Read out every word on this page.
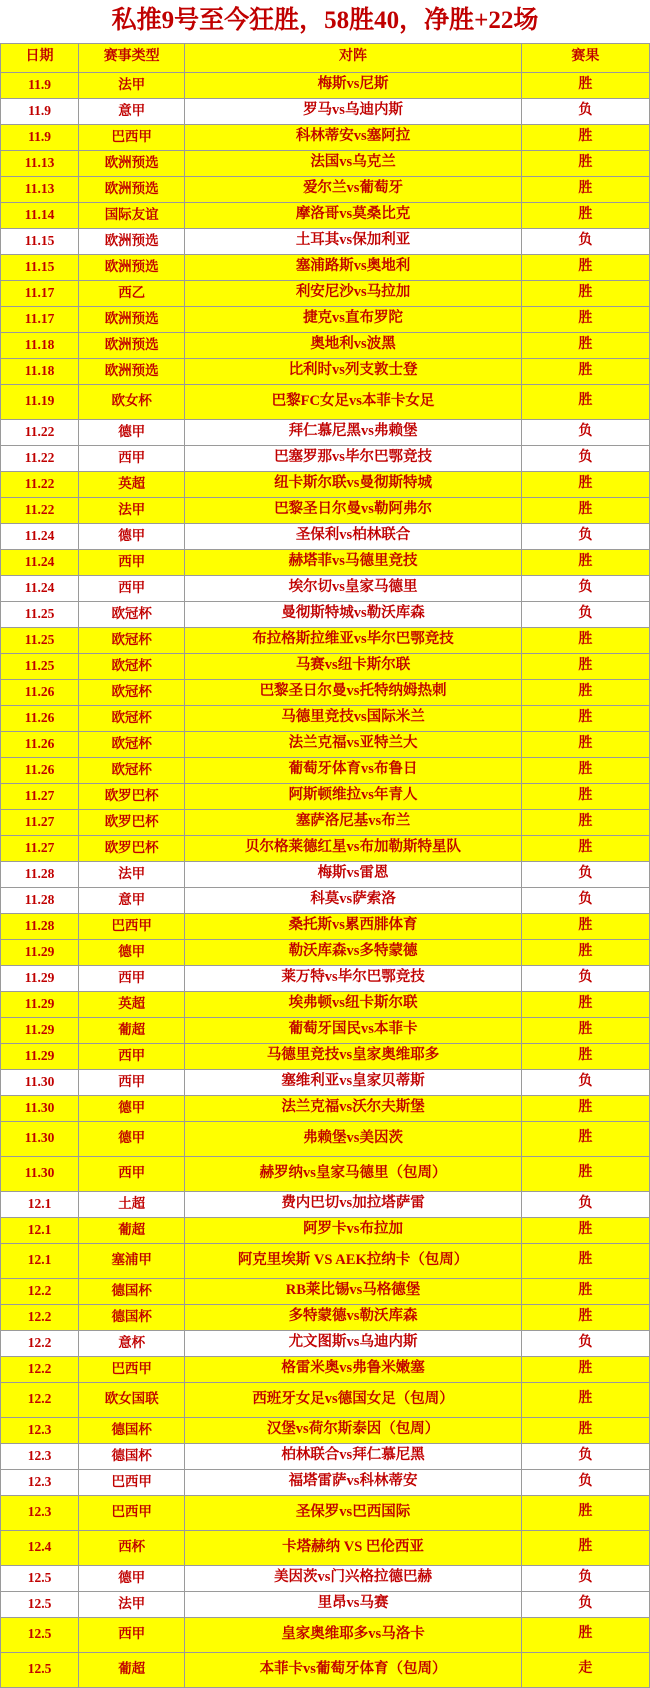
私推9号至今狂胜，58胜40，净胜+22场
日期	赛事类型	对阵	赛果
11.9	法甲	梅斯vs尼斯	胜
11.9	意甲	罗马vs乌迪内斯	负
11.9	巴西甲	科林蒂安vs塞阿拉	胜
11.13	欧洲预选	法国vs乌克兰	胜
11.13	欧洲预选	爱尔兰vs葡萄牙	胜
11.14	国际友谊	摩洛哥vs莫桑比克	胜
11.15	欧洲预选	土耳其vs保加利亚	负
11.15	欧洲预选	塞浦路斯vs奥地利	胜
11.17	西乙	利安尼沙vs马拉加	胜
11.17	欧洲预选	捷克vs直布罗陀	胜
11.18	欧洲预选	奥地利vs波黑	胜
11.18	欧洲预选	比利时vs列支敦士登	胜
11.19	欧女杯	巴黎FC女足vs本菲卡女足	胜
11.22	德甲	拜仁慕尼黑vs弗赖堡	负
11.22	西甲	巴塞罗那vs毕尔巴鄂竞技	负
11.22	英超	纽卡斯尔联vs曼彻斯特城	胜
11.22	法甲	巴黎圣日尔曼vs勒阿弗尔	胜
11.24	德甲	圣保利vs柏林联合	负
11.24	西甲	赫塔菲vs马德里竞技	胜
11.24	西甲	埃尔切vs皇家马德里	负
11.25	欧冠杯	曼彻斯特城vs勒沃库森	负
11.25	欧冠杯	布拉格斯拉维亚vs毕尔巴鄂竞技	胜
11.25	欧冠杯	马赛vs纽卡斯尔联	胜
11.26	欧冠杯	巴黎圣日尔曼vs托特纳姆热刺	胜
11.26	欧冠杯	马德里竞技vs国际米兰	胜
11.26	欧冠杯	法兰克福vs亚特兰大	胜
11.26	欧冠杯	葡萄牙体育vs布鲁日	胜
11.27	欧罗巴杯	阿斯顿维拉vs年青人	胜
11.27	欧罗巴杯	塞萨洛尼基vs布兰	胜
11.27	欧罗巴杯	贝尔格莱德红星vs布加勒斯特星队	胜
11.28	法甲	梅斯vs雷恩	负
11.28	意甲	科莫vs萨索洛	负
11.28	巴西甲	桑托斯vs累西腓体育	胜
11.29	德甲	勒沃库森vs多特蒙德	胜
11.29	西甲	莱万特vs毕尔巴鄂竞技	负
11.29	英超	埃弗顿vs纽卡斯尔联	胜
11.29	葡超	葡萄牙国民vs本菲卡	胜
11.29	西甲	马德里竞技vs皇家奥维耶多	胜
11.30	西甲	塞维利亚vs皇家贝蒂斯	负
11.30	德甲	法兰克福vs沃尔夫斯堡	胜
11.30	德甲	弗赖堡vs美因茨	胜
11.30	西甲	赫罗纳vs皇家马德里（包周）	胜
12.1	土超	费内巴切vs加拉塔萨雷	负
12.1	葡超	阿罗卡vs布拉加	胜
12.1	塞浦甲	阿克里埃斯 VS AEK拉纳卡（包周）	胜
12.2	德国杯	RB莱比锡vs马格德堡	胜
12.2	德国杯	多特蒙德vs勒沃库森	胜
12.2	意杯	尤文图斯vs乌迪内斯	负
12.2	巴西甲	格雷米奥vs弗鲁米嫩塞	胜
12.2	欧女国联	西班牙女足vs德国女足（包周）	胜
12.3	德国杯	汉堡vs荷尔斯泰因（包周）	胜
12.3	德国杯	柏林联合vs拜仁慕尼黑	负
12.3	巴西甲	福塔雷萨vs科林蒂安	负
12.3	巴西甲	圣保罗vs巴西国际	胜
12.4	西杯	卡塔赫纳 VS 巴伦西亚	胜
12.5	德甲	美因茨vs门兴格拉德巴赫	负
12.5	法甲	里昂vs马赛	负
12.5	西甲	皇家奥维耶多vs马洛卡	胜
12.5	葡超	本菲卡vs葡萄牙体育（包周）	走
